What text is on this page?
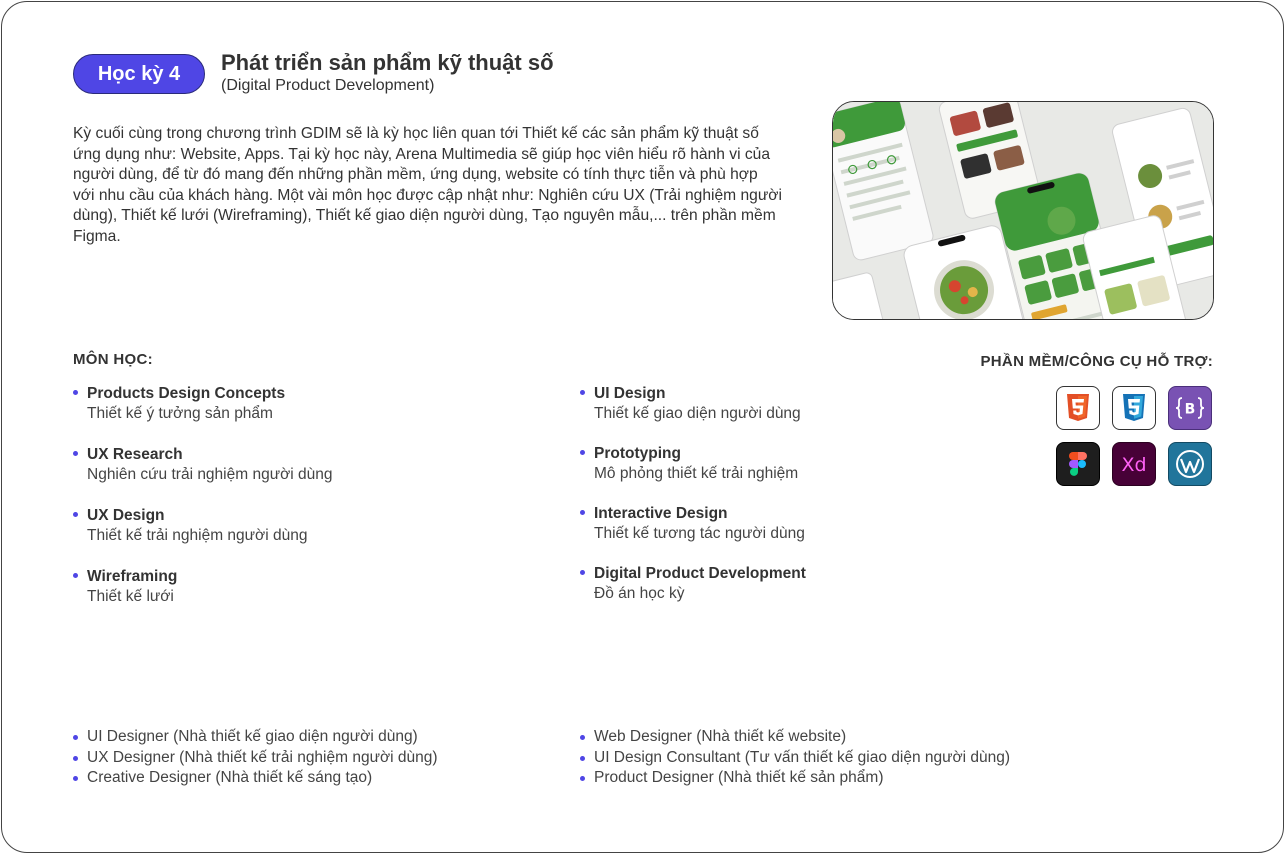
Học kỳ 4	Phát triển sản phẩm kỹ thuật số
(Digital Product Development)
Kỳ cuối cùng trong chương trình GDIM sẽ là kỳ học liên quan tới Thiết kế các sản phẩm kỹ thuật số ứng dụng như: Website, Apps. Tại kỳ học này, Arena Multimedia sẽ giúp học viên hiểu rõ hành vi của người dùng, để từ đó mang đến những phần mềm, ứng dụng, website có tính thực tiễn và phù hợp với nhu cầu của khách hàng. Một vài môn học được cập nhật như: Nghiên cứu UX (Trải nghiệm người dùng), Thiết kế lưới (Wireframing), Thiết kế giao diện người dùng, Tạo nguyên mẫu,... trên phần mềm Figma.
MÔN HỌC:
Products Design Concepts
Thiết kế ý tưởng sản phẩm
UX Research
Nghiên cứu trải nghiệm người dùng
UX Design
Thiết kế trải nghiệm người dùng
Wireframing
Thiết kế lưới
UI Design
Thiết kế giao diện người dùng
Prototyping
Mô phỏng thiết kế trải nghiệm
Interactive Design
Thiết kế tương tác người dùng
Digital Product Development
Đồ án học kỳ
PHẦN MỀM/CÔNG CỤ HỖ TRỢ:
B
Xd
UI Designer (Nhà thiết kế giao diện người dùng)
UX Designer (Nhà thiết kế trải nghiệm người dùng)
Creative Designer (Nhà thiết kế sáng tạo)
Web Designer (Nhà thiết kế website)
UI Design Consultant (Tư vấn thiết kế giao diện người dùng)
Product Designer (Nhà thiết kế sản phẩm)
